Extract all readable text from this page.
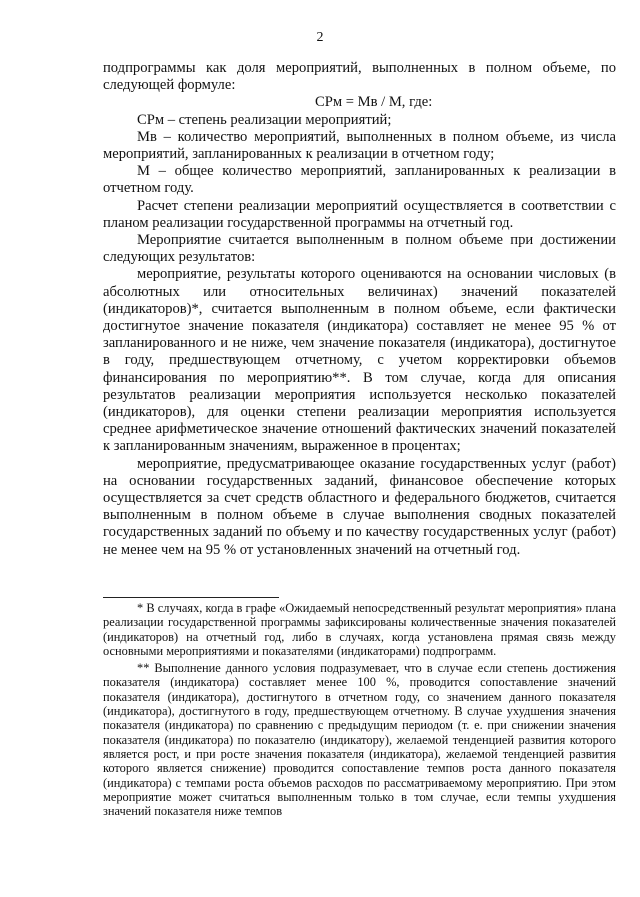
2

подпрограммы как доля мероприятий, выполненных в полном объеме, по следующей формуле:

СРм = Мв / М, где:

СРм – степень реализации мероприятий;

Мв – количество мероприятий, выполненных в полном объеме, из числа мероприятий, запланированных к реализации в отчетном году;

М – общее количество мероприятий, запланированных к реализации в отчетном году.

Расчет степени реализации мероприятий осуществляется в соответствии с планом реализации государственной программы на отчетный год.

Мероприятие считается выполненным в полном объеме при достижении следующих результатов:

мероприятие, результаты которого оцениваются на основании числовых (в абсолютных или относительных величинах) значений показателей (индикаторов)*, считается выполненным в полном объеме, если фактически достигнутое значение показателя (индикатора) составляет не менее 95 % от запланированного и не ниже, чем значение показателя (индикатора), достигнутое в году, предшествующем отчетному, с учетом корректировки объемов финансирования по мероприятию**. В том случае, когда для описания результатов реализации мероприятия используется несколько показателей (индикаторов), для оценки степени реализации мероприятия используется среднее арифметическое значение отношений фактических значений показателей к запланированным значениям, выраженное в процентах;

мероприятие, предусматривающее оказание государственных услуг (работ) на основании государственных заданий, финансовое обеспечение которых осуществляется за счет средств областного и федерального бюджетов, считается выполненным в полном объеме в случае выполнения сводных показателей государственных заданий по объему и по качеству государственных услуг (работ) не менее чем на 95 % от установленных значений на отчетный год.

* В случаях, когда в графе «Ожидаемый непосредственный результат мероприятия» плана реализации государственной программы зафиксированы количественные значения показателей (индикаторов) на отчетный год, либо в случаях, когда установлена прямая связь между основными мероприятиями и показателями (индикаторами) подпрограмм.

** Выполнение данного условия подразумевает, что в случае если степень достижения показателя (индикатора) составляет менее 100 %, проводится сопоставление значений показателя (индикатора), достигнутого в отчетном году, со значением данного показателя (индикатора), достигнутого в году, предшествующем отчетному. В случае ухудшения значения показателя (индикатора) по сравнению с предыдущим периодом (т. е. при снижении значения показателя (индикатора) по показателю (индикатору), желаемой тенденцией развития которого является рост, и при росте значения показателя (индикатора), желаемой тенденцией развития которого является снижение) проводится сопоставление темпов роста данного показателя (индикатора) с темпами роста объемов расходов по рассматриваемому мероприятию. При этом мероприятие может считаться выполненным только в том случае, если темпы ухудшения значений показателя ниже темпов
